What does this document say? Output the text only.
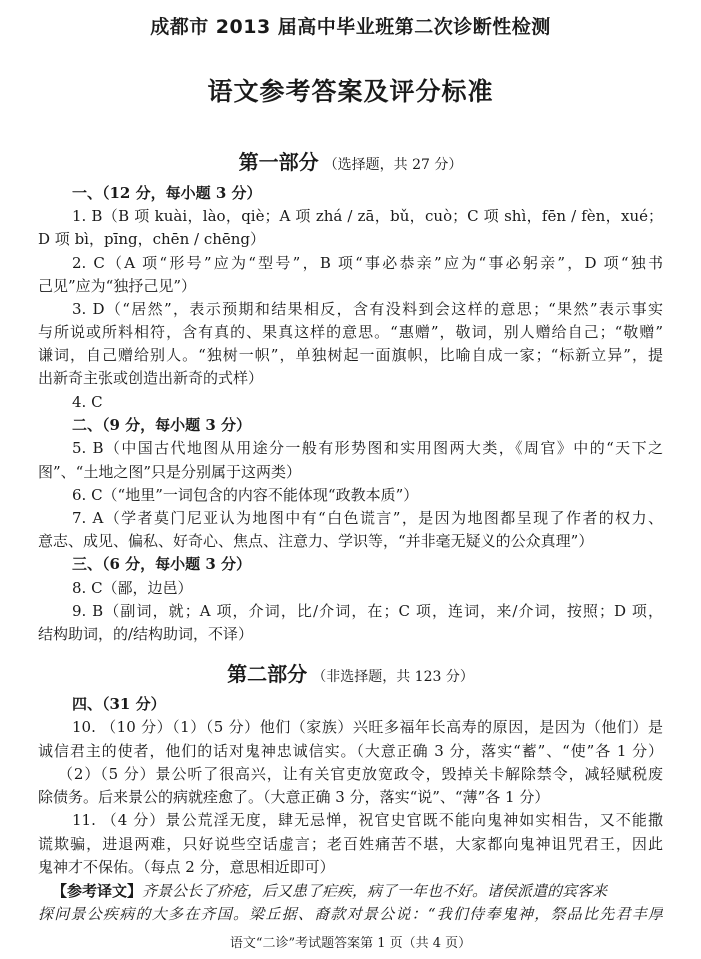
成都市 2013 届高中毕业班第二次诊断性检测
语文参考答案及评分标准
第一部分 （选择题，共 27 分）
一、（12 分，每小题 3 分）
1. B（B 项 kuài，lào，qiè；A 项 zhá / zā，bǔ，cuò；C 项 shì，fēn / fèn，xué；
D 项 bì，pīng，chēn / chēng）
2. C（A 项“形号”应为“型号”，B 项“事必恭亲”应为“事必躬亲”，D 项“独书
己见”应为“独抒己见”）
3. D（“居然”，表示预期和结果相反，含有没料到会这样的意思；“果然”表示事实
与所说或所料相符，含有真的、果真这样的意思。“惠赠”，敬词，别人赠给自己；“敬赠”
谦词，自己赠给别人。“独树一帜”，单独树起一面旗帜，比喻自成一家；“标新立异”，提
出新奇主张或创造出新奇的式样）
4. C
二、（9 分，每小题 3 分）
5. B（中国古代地图从用途分一般有形势图和实用图两大类，《周官》中的“天下之
图”、“土地之图”只是分别属于这两类）
6. C（“地里”一词包含的内容不能体现“政教本质”）
7. A（学者莫门尼亚认为地图中有“白色谎言”，是因为地图都呈现了作者的权力、
意志、成见、偏私、好奇心、焦点、注意力、学识等，“并非毫无疑义的公众真理”）
三、（6 分，每小题 3 分）
8. C（鄙，边邑）
9. B（副词，就；A 项，介词，比/介词，在；C 项，连词，来/介词，按照；D 项，
结构助词，的/结构助词，不译）
第二部分 （非选择题，共 123 分）
四、（31 分）
10. （10 分）（1）（5 分）他们（家族）兴旺多福年长高寿的原因，是因为（他们）是
诚信君主的使者，他们的话对鬼神忠诚信实。（大意正确 3 分，落实“蓄”、“使”各 1 分）
（2）（5 分）景公听了很高兴，让有关官吏放宽政令，毁掉关卡解除禁令，减轻赋税废
除债务。后来景公的病就痊愈了。（大意正确 3 分，落实“说”、“薄”各 1 分）
11. （4 分）景公荒淫无度，肆无忌惮，祝官史官既不能向鬼神如实相告，又不能撒
谎欺骗，进退两难，只好说些空话虚言；老百姓痛苦不堪，大家都向鬼神诅咒君王，因此
鬼神才不保佑。（每点 2 分，意思相近即可）
【参考译文】齐景公长了疥疮，后又患了疟疾，病了一年也不好。诸侯派遣的宾客来
探问景公疾病的大多在齐国。梁丘据、裔款对景公说：“我们侍奉鬼神，祭品比先君丰厚
语文“二诊”考试题答案第 1 页（共 4 页）
